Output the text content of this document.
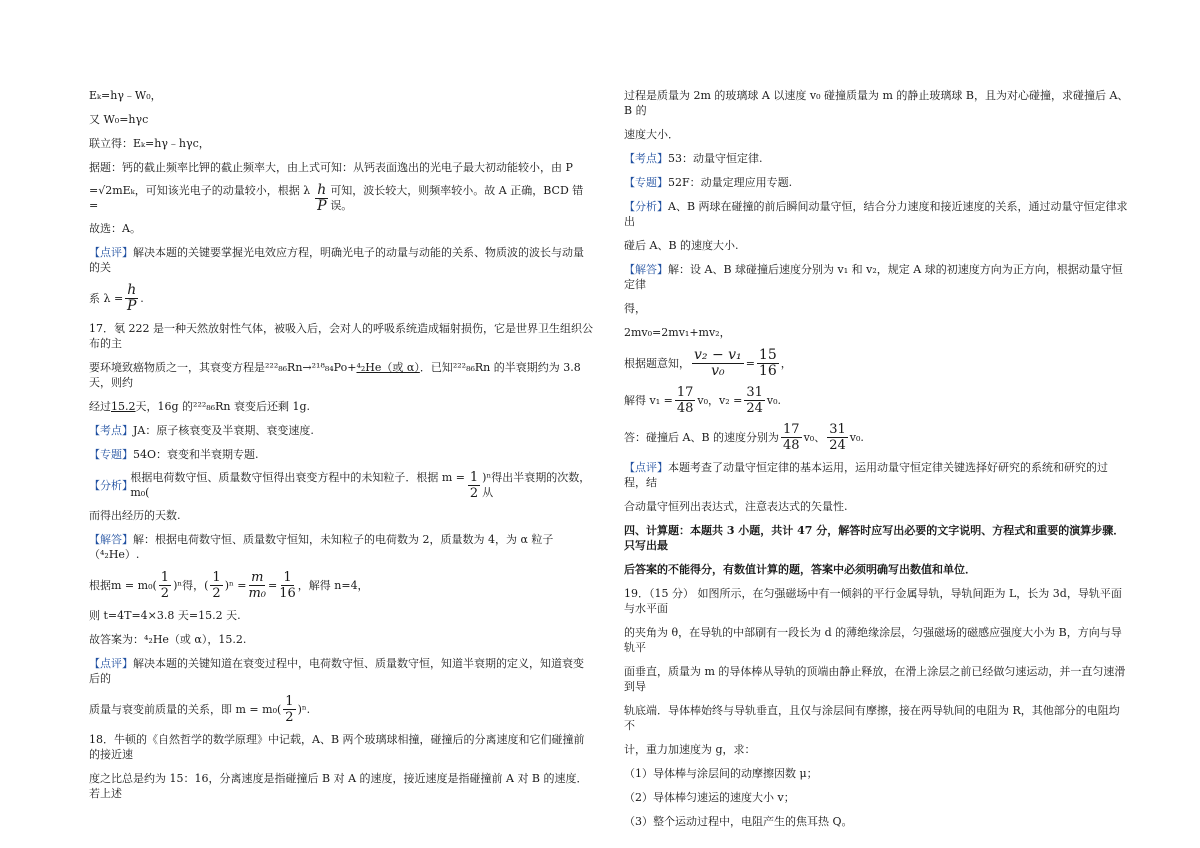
Eₖ=hγ﹣W₀，

又 W₀=hγc

联立得：Eₖ=hγ﹣hγc，

据题：钙的截止频率比钾的截止频率大，由上式可知：从钙表面逸出的光电子最大初动能较小，由 P

=√2mEₖ，可知该光电子的动量较小，根据 λ =	$\frac{h}{P}$ 可知，波长较大，则频率较小。故 A 正确，BCD 错误。

故选：A。

【点评】解决本题的关键要掌握光电效应方程，明确光电子的动量与动能的关系、物质波的波长与动量的关

系 $\lambda = \frac{h}{P}$ .

17．氡 222 是一种天然放射性气体，被吸入后，会对人的呼吸系统造成辐射损伤，它是世界卫生组织公布的主

要环境致癌物质之一，其衰变方程是²²²₈₆Rn→²¹⁸₈₄Po+⁴₂He（或 α）．已知²²²₈₆Rn 的半衰期约为 3.8 天，则约

经过15.2天，16g 的²²²₈₆Rn 衰变后还剩 1g.

【考点】JA：原子核衰变及半衰期、衰变速度.

【专题】54O：衰变和半衰期专题.

【分析】
根据电荷数守恒、质量数守恒得出衰变方程中的未知粒子．根据 m = m₀(	$\frac{1}{2} )^n$得出半衰期的次数，从

而得出经历的天数.

【解答】解：根据电荷数守恒、质量数守恒知，未知粒子的电荷数为 2，质量数为 4，为 α 粒子（⁴₂He）.

根据$m = m_0( \frac{1}{2} )^n$得，( $\frac{1}{2} )^n = \frac{m}{\text{m₀}} = \frac{1}{16}$ ，解得 n=4，

则 t=4T=4×3.8 天=15.2 天.

故答案为：⁴₂He（或 α），15.2.

【点评】解决本题的关键知道在衰变过程中，电荷数守恒、质量数守恒，知道半衰期的定义，知道衰变后的

质量与衰变前质量的关系，即 $m = m_0( \frac{1}{2} )^n$.

18．牛顿的《自然哲学的数学原理》中记载，A、B 两个玻璃球相撞，碰撞后的分离速度和它们碰撞前的接近速

度之比总是约为 15：16，分离速度是指碰撞后 B 对 A 的速度，接近速度是指碰撞前 A 对 B 的速度．若上述

过程是质量为 2m 的玻璃球 A 以速度 v₀ 碰撞质量为 m 的静止玻璃球 B，且为对心碰撞，求碰撞后 A、B 的

速度大小．

【考点】53：动量守恒定律.

【专题】52F：动量定理应用专题.

【分析】A、B 两球在碰撞的前后瞬间动量守恒，结合分力速度和接近速度的关系，通过动量守恒定律求出

碰后 A、B 的速度大小.

【解答】解：设 A、B 球碰撞后速度分别为 v₁ 和 v₂，规定 A 球的初速度方向为正方向，根据动量守恒定律

得，

2mv₀=2mv₁+mv₂，

根据题意知， $\frac{\text{v₂ − v₁}}{\text{v₀}} = \frac{15}{16}$ ，
解得 $v_1 = \frac{17}{48} v_0$，$v_2 = \frac{31}{24} v_0$.
答：碰撞后 A、B 的速度分别为 $\frac{17}{48} v_0$、 $\frac{31}{24} v_0$.

【点评】本题考查了动量守恒定律的基本运用，运用动量守恒定律关键选择好研究的系统和研究的过程，结

合动量守恒列出表达式，注意表达式的矢量性.

四、计算题：本题共 3 小题，共计 47 分，解答时应写出必要的文字说明、方程式和重要的演算步骤．只写出最

后答案的不能得分，有数值计算的题，答案中必须明确写出数值和单位．

19．（15 分） 如图所示，在匀强磁场中有一倾斜的平行金属导轨，导轨间距为 L，长为 3d，导轨平面与水平面

的夹角为 θ，在导轨的中部刷有一段长为 d 的薄绝缘涂层，匀强磁场的磁感应强度大小为 B，方向与导轨平

面垂直，质量为 m 的导体棒从导轨的顶端由静止释放，在滑上涂层之前已经做匀速运动，并一直匀速滑到导

轨底端．导体棒始终与导轨垂直，且仅与涂层间有摩擦，接在两导轨间的电阻为 R，其他部分的电阻均不

计，重力加速度为 g，求：

（1）导体棒与涂层间的动摩擦因数 μ；

（2）导体棒匀速运的速度大小 v；

（3）整个运动过程中，电阻产生的焦耳热 Q。
